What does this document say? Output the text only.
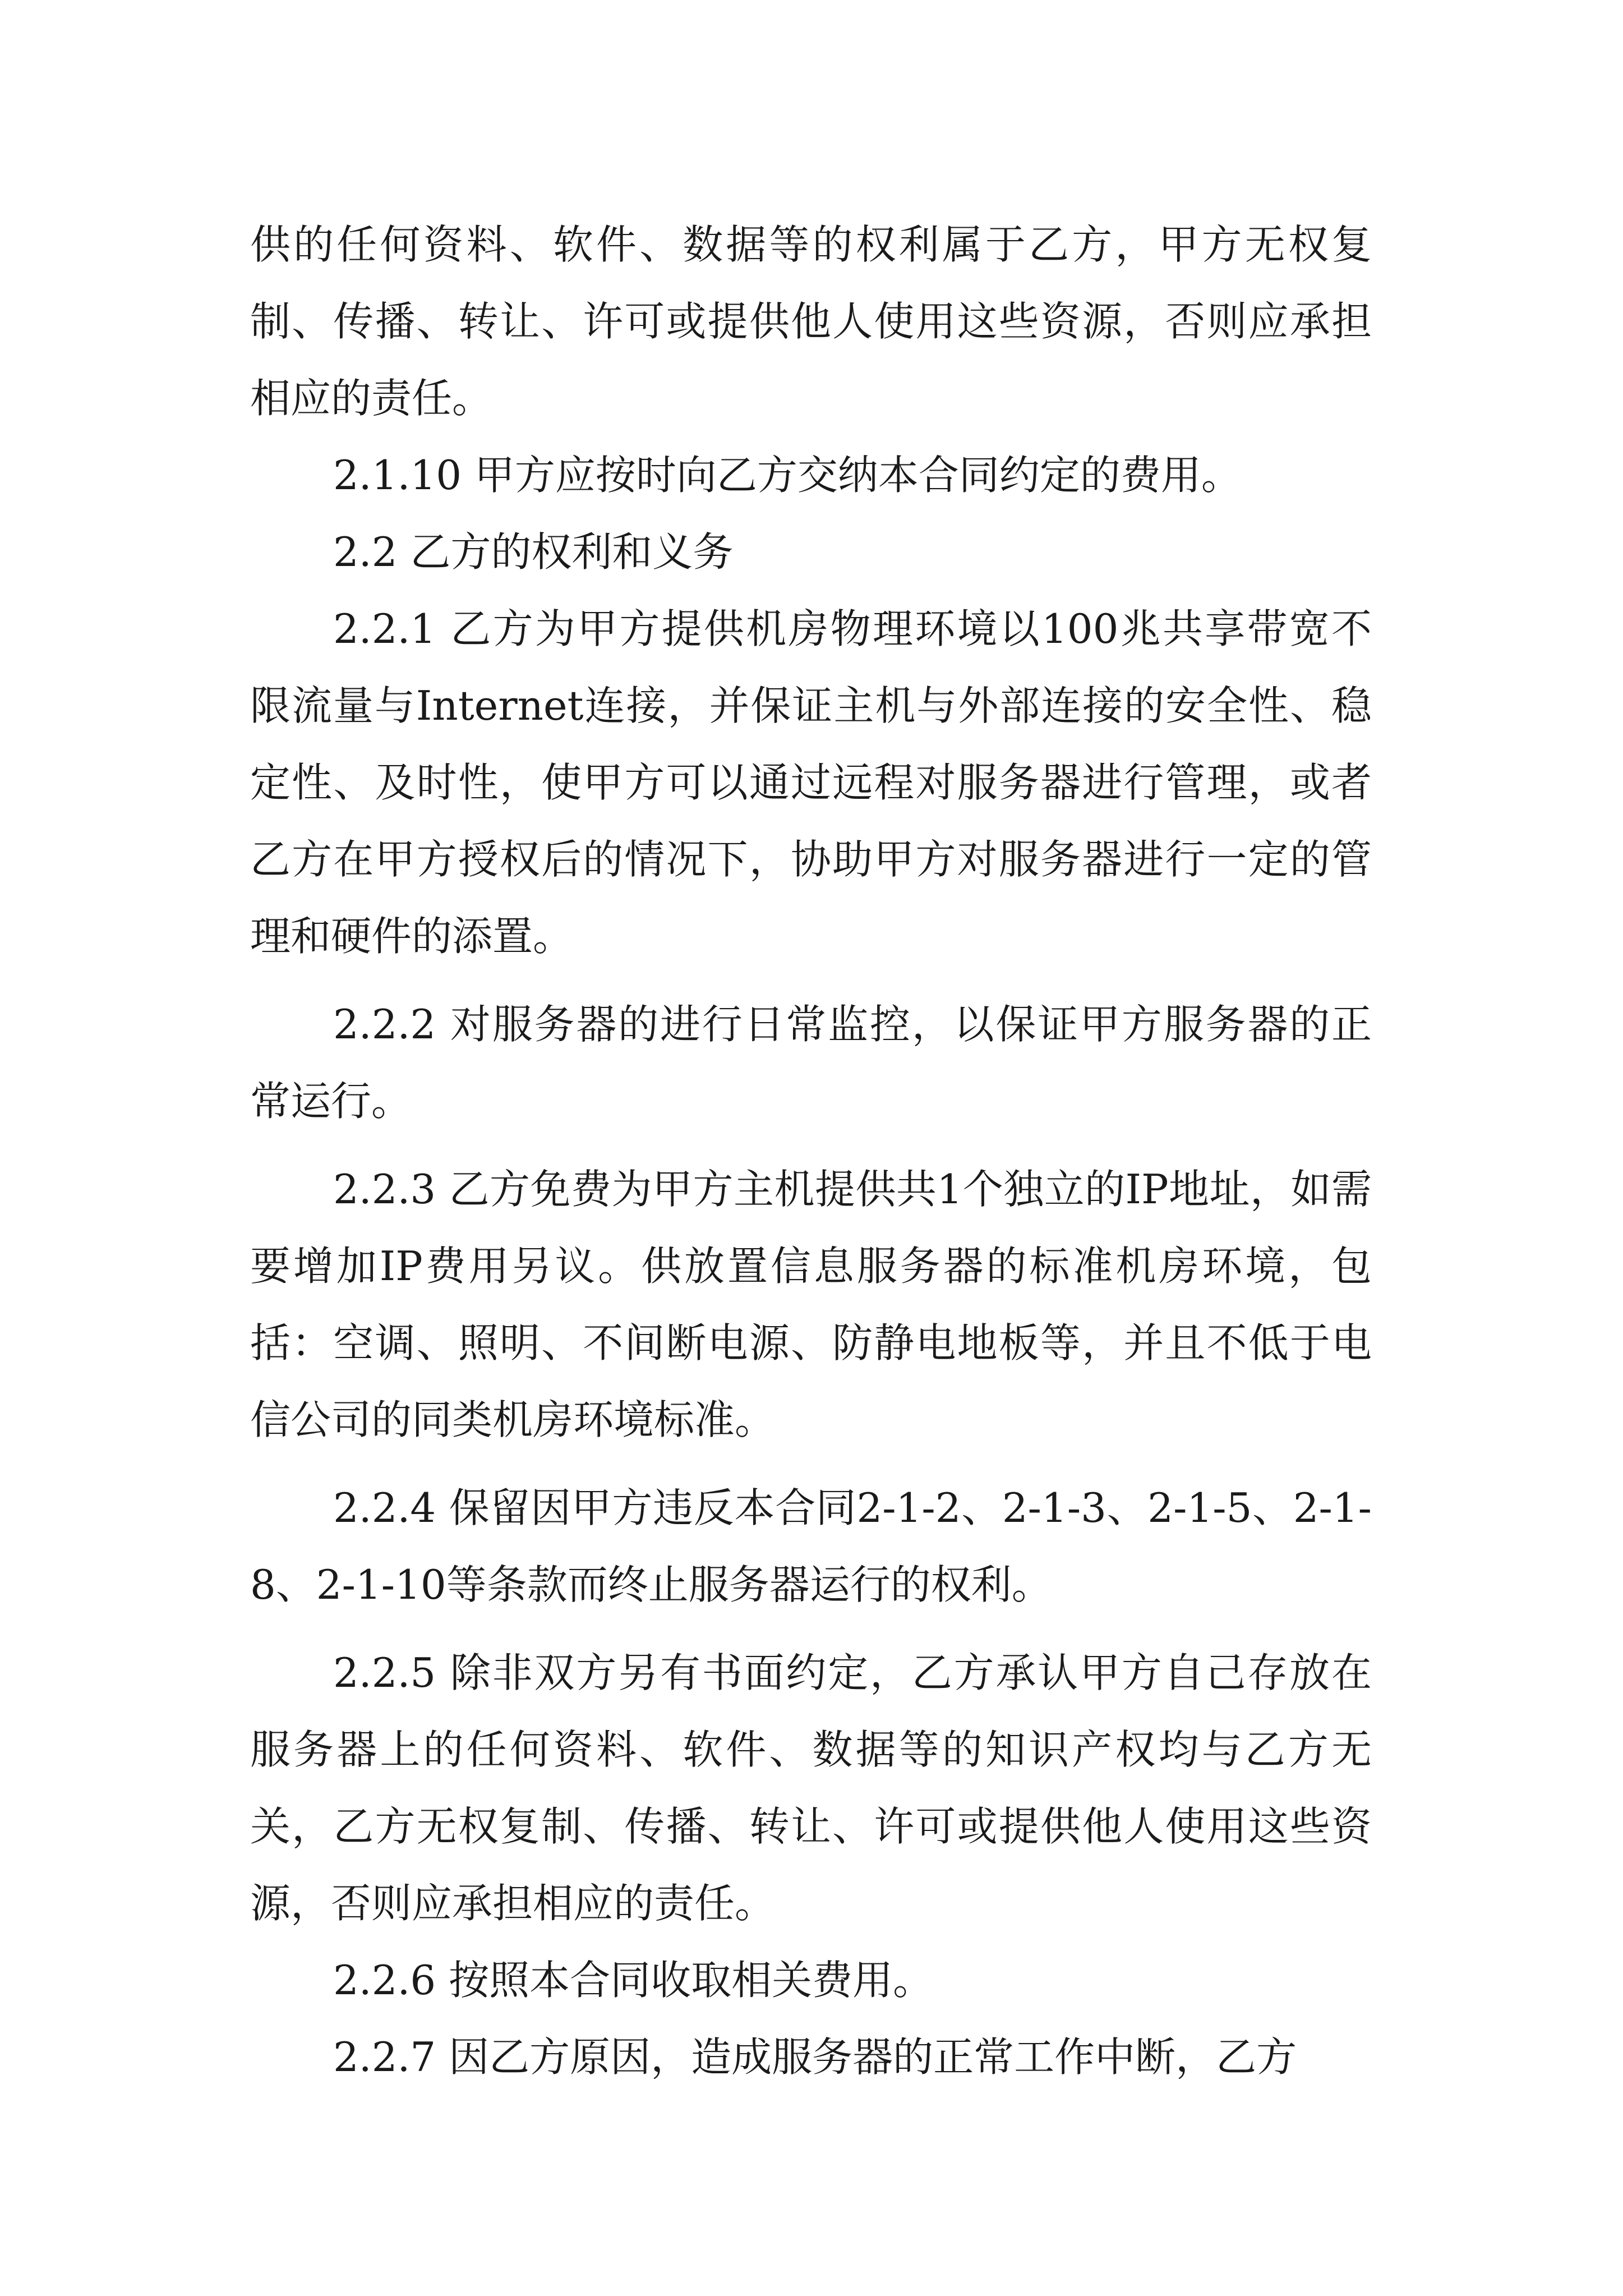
供的任何资料、软件、数据等的权利属于乙方，甲方无权复制、传播、转让、许可或提供他人使用这些资源，否则应承担相应的责任。

2.1.10 甲方应按时向乙方交纳本合同约定的费用。

2.2 乙方的权利和义务

2.2.1 乙方为甲方提供机房物理环境以100兆共享带宽不限流量与Internet连接，并保证主机与外部连接的安全性、稳定性、及时性，使甲方可以通过远程对服务器进行管理，或者乙方在甲方授权后的情况下，协助甲方对服务器进行一定的管理和硬件的添置。

2.2.2 对服务器的进行日常监控，以保证甲方服务器的正常运行。

2.2.3 乙方免费为甲方主机提供共1个独立的IP地址，如需要增加IP费用另议。供放置信息服务器的标准机房环境，包括：空调、照明、不间断电源、防静电地板等，并且不低于电信公司的同类机房环境标准。

2.2.4 保留因甲方违反本合同2-1-2、2-1-3、2-1-5、2-1-8、2-1-10等条款而终止服务器运行的权利。

2.2.5 除非双方另有书面约定，乙方承认甲方自己存放在服务器上的任何资料、软件、数据等的知识产权均与乙方无关，乙方无权复制、传播、转让、许可或提供他人使用这些资源，否则应承担相应的责任。

2.2.6 按照本合同收取相关费用。

2.2.7 因乙方原因，造成服务器的正常工作中断，乙方
